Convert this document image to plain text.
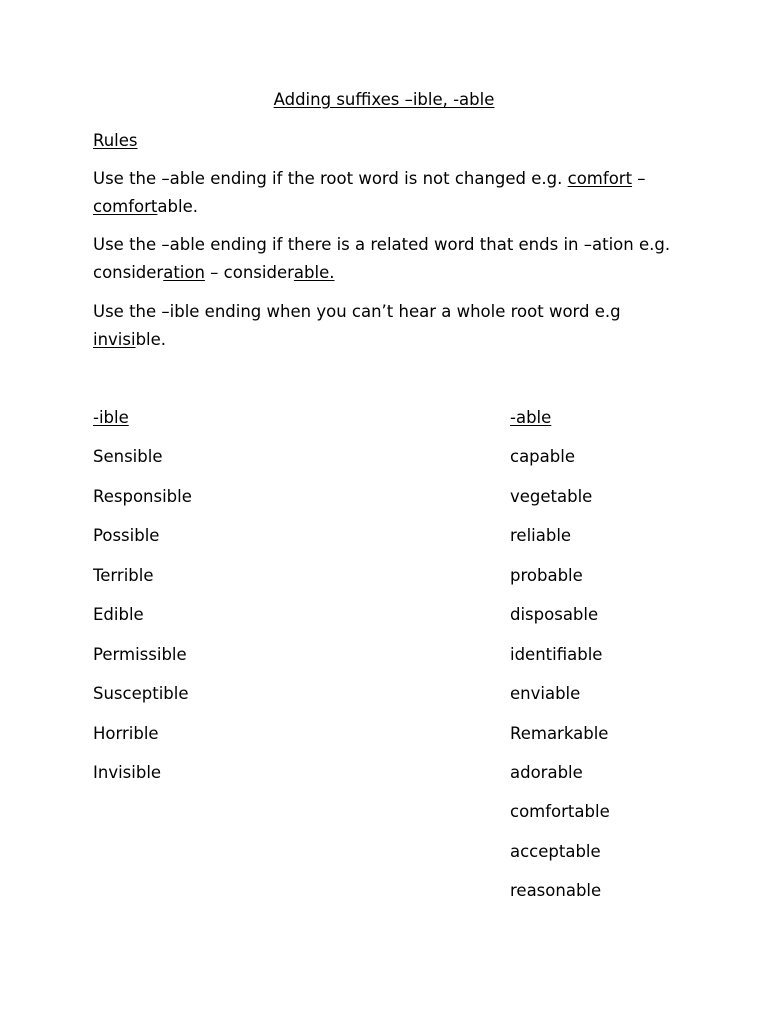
Adding suffixes –ible, -able
Rules
Use the –able ending if the root word is not changed e.g. comfort – comfortable.
Use the –able ending if there is a related word that ends in –ation e.g. consideration – considerable.
Use the –ible ending when you can’t hear a whole root word e.g
invisible.
-ible
Sensible
Responsible
Possible
Terrible
Edible
Permissible
Susceptible
Horrible
Invisible
-able
capable
vegetable
reliable
probable
disposable
identifiable
enviable
Remarkable
adorable
comfortable
acceptable
reasonable
